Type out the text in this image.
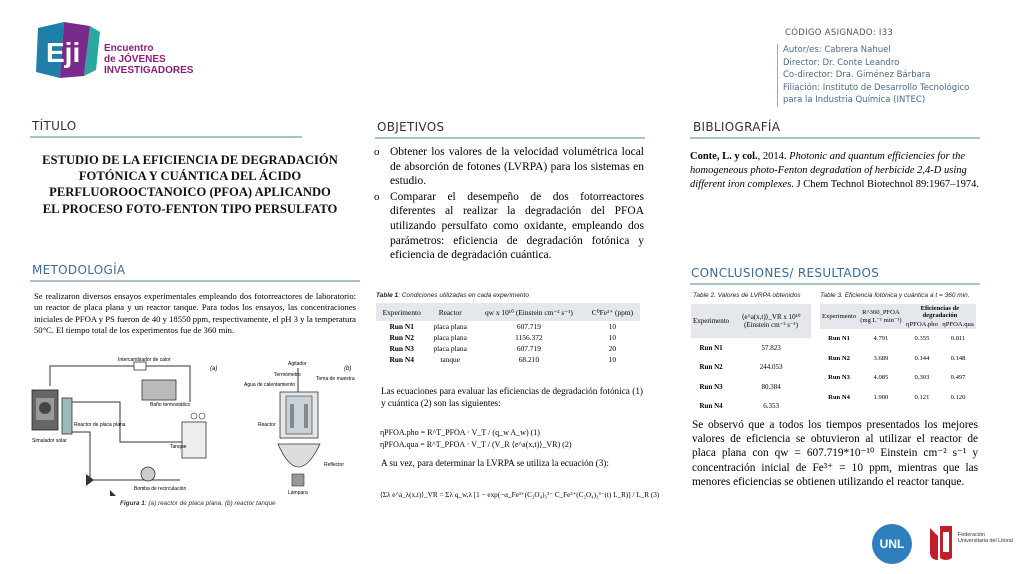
Eji Encuentro
de JÓVENES
INVESTIGADORES
CÓDIGO ASIGNADO: I33
Autor/es: Cabrera Nahuel
Director: Dr. Conte Leandro
Co-director: Dra. Giménez Bárbara
Filiación: Instituto de Desarrollo Tecnológico
para la Industria Química (INTEC)
TÍTULO	OBJETIVOS	BIBLIOGRAFÍA
METODOLOGÍA	CONCLUSIONES/ RESULTADOS
ESTUDIO DE LA EFICIENCIA DE DEGRADACIÓN FOTÓNICA Y CUÁNTICA DEL ÁCIDO PERFLUOROOCTANOICO (PFOA) APLICANDO EL PROCESO FOTO-FENTON TIPO PERSULFATO
o Obtener los valores de la velocidad volumétrica local de absorción de fotones (LVRPA) para los sistemas en estudio.
o Comparar el desempeño de dos fotorreactores diferentes al realizar la degradación del PFOA utilizando persulfato como oxidante, empleando dos parámetros: eficiencia de degradación fotónica y eficiencia de degradación cuántica.
Conte, L. y col., 2014. Photonic and quantum efficiencies for the homogeneous photo-Fenton degradation of herbicide 2,4-D using different iron complexes. J Chem Technol Biotechnol 89:1967–1974.
Se realizaron diversos ensayos experimentales empleando dos fotorreactores de laboratorio: un reactor de placa plana y un reactor tanque. Para todos los ensayos, las concentraciones iniciales de PFOA y PS fueron de 40 y 18550 ppm, respectivamente, el pH 3 y la temperatura 50°C. El tiempo total de los experimentos fue de 360 min.
(a)
Intercambiador de calor
Baño termostático
Simulador solar
Reactor de placa plana
Tanque
Bomba de recirculación
(b)
Agitador
Termómetro
Toma de muestra
Agua de calentamiento
Reactor
Reflector
Lámpara
Figura 1: (a) reactor de placa plana, (b) reactor tanque
Table 1: Condiciones utilizadas en cada experimento
Experimento	Reactor	qw x 10¹⁰ (Einstein cm⁻² s⁻¹)	C⁰Fe³⁺ (ppm)
Run N1	placa plana	607.719	10
Run N2	placa plana	1156.372	10
Run N3	placa plana	607.719	20
Run N4	tanque	68.210	10
Las ecuaciones para evaluar las eficiencias de degradación fotónica (1) y cuántica (2) son las siguientes:
ηPFOA.pho = R^T_PFOA · V_T / (q_w A_w) (1)
ηPFOA.qua = R^T_PFOA · V_T / (V_R ⟨e^a(x,t)⟩_VR) (2)
A su vez, para determinar la LVRPA se utiliza la ecuación (3):
⟨Σλ e^a_λ(x,t)⟩_VR = Σλ q_w,λ [1 − exp(−α_Fe³⁺(C₂O₄)₃³⁻ C_Fe³⁺(C₂O₄)₃³⁻(t) L_R)] / L_R (3)
Table 2. Valores de LVRPA obtenidos
Experimento	⟨e^a(x,t)⟩_VR x 10¹⁰ (Einstein cm⁻² s⁻¹)
Run N1	57.823
Run N2	244.053
Run N3	80.384
Run N4	6.353
Table 3. Eficiencia fotónica y cuántica a t = 360 min.
Experimento	R^360_PFOA (mg L⁻¹ min⁻¹)	Eficiencias de degradación	
		ηPFOA.pho	ηPFOA.qua
Run N1	4.791	0.355	0.811
Run N2	3.689	0.144	0.148
Run N3	4.085	0.303	0.497
Run N4	1.900	0.121	0.120
Se observó que a todos los tiempos presentados los mejores valores de eficiencia se obtuvieron al utilizar el reactor de placa plana con qw = 607.719*10⁻¹⁰ Einstein cm⁻² s⁻¹ y concentración inicial de Fe³⁺ = 10 ppm, mientras que las menores eficiencias se obtienen utilizando el reactor tanque.
UNL
Federación Universitaria del Litoral
